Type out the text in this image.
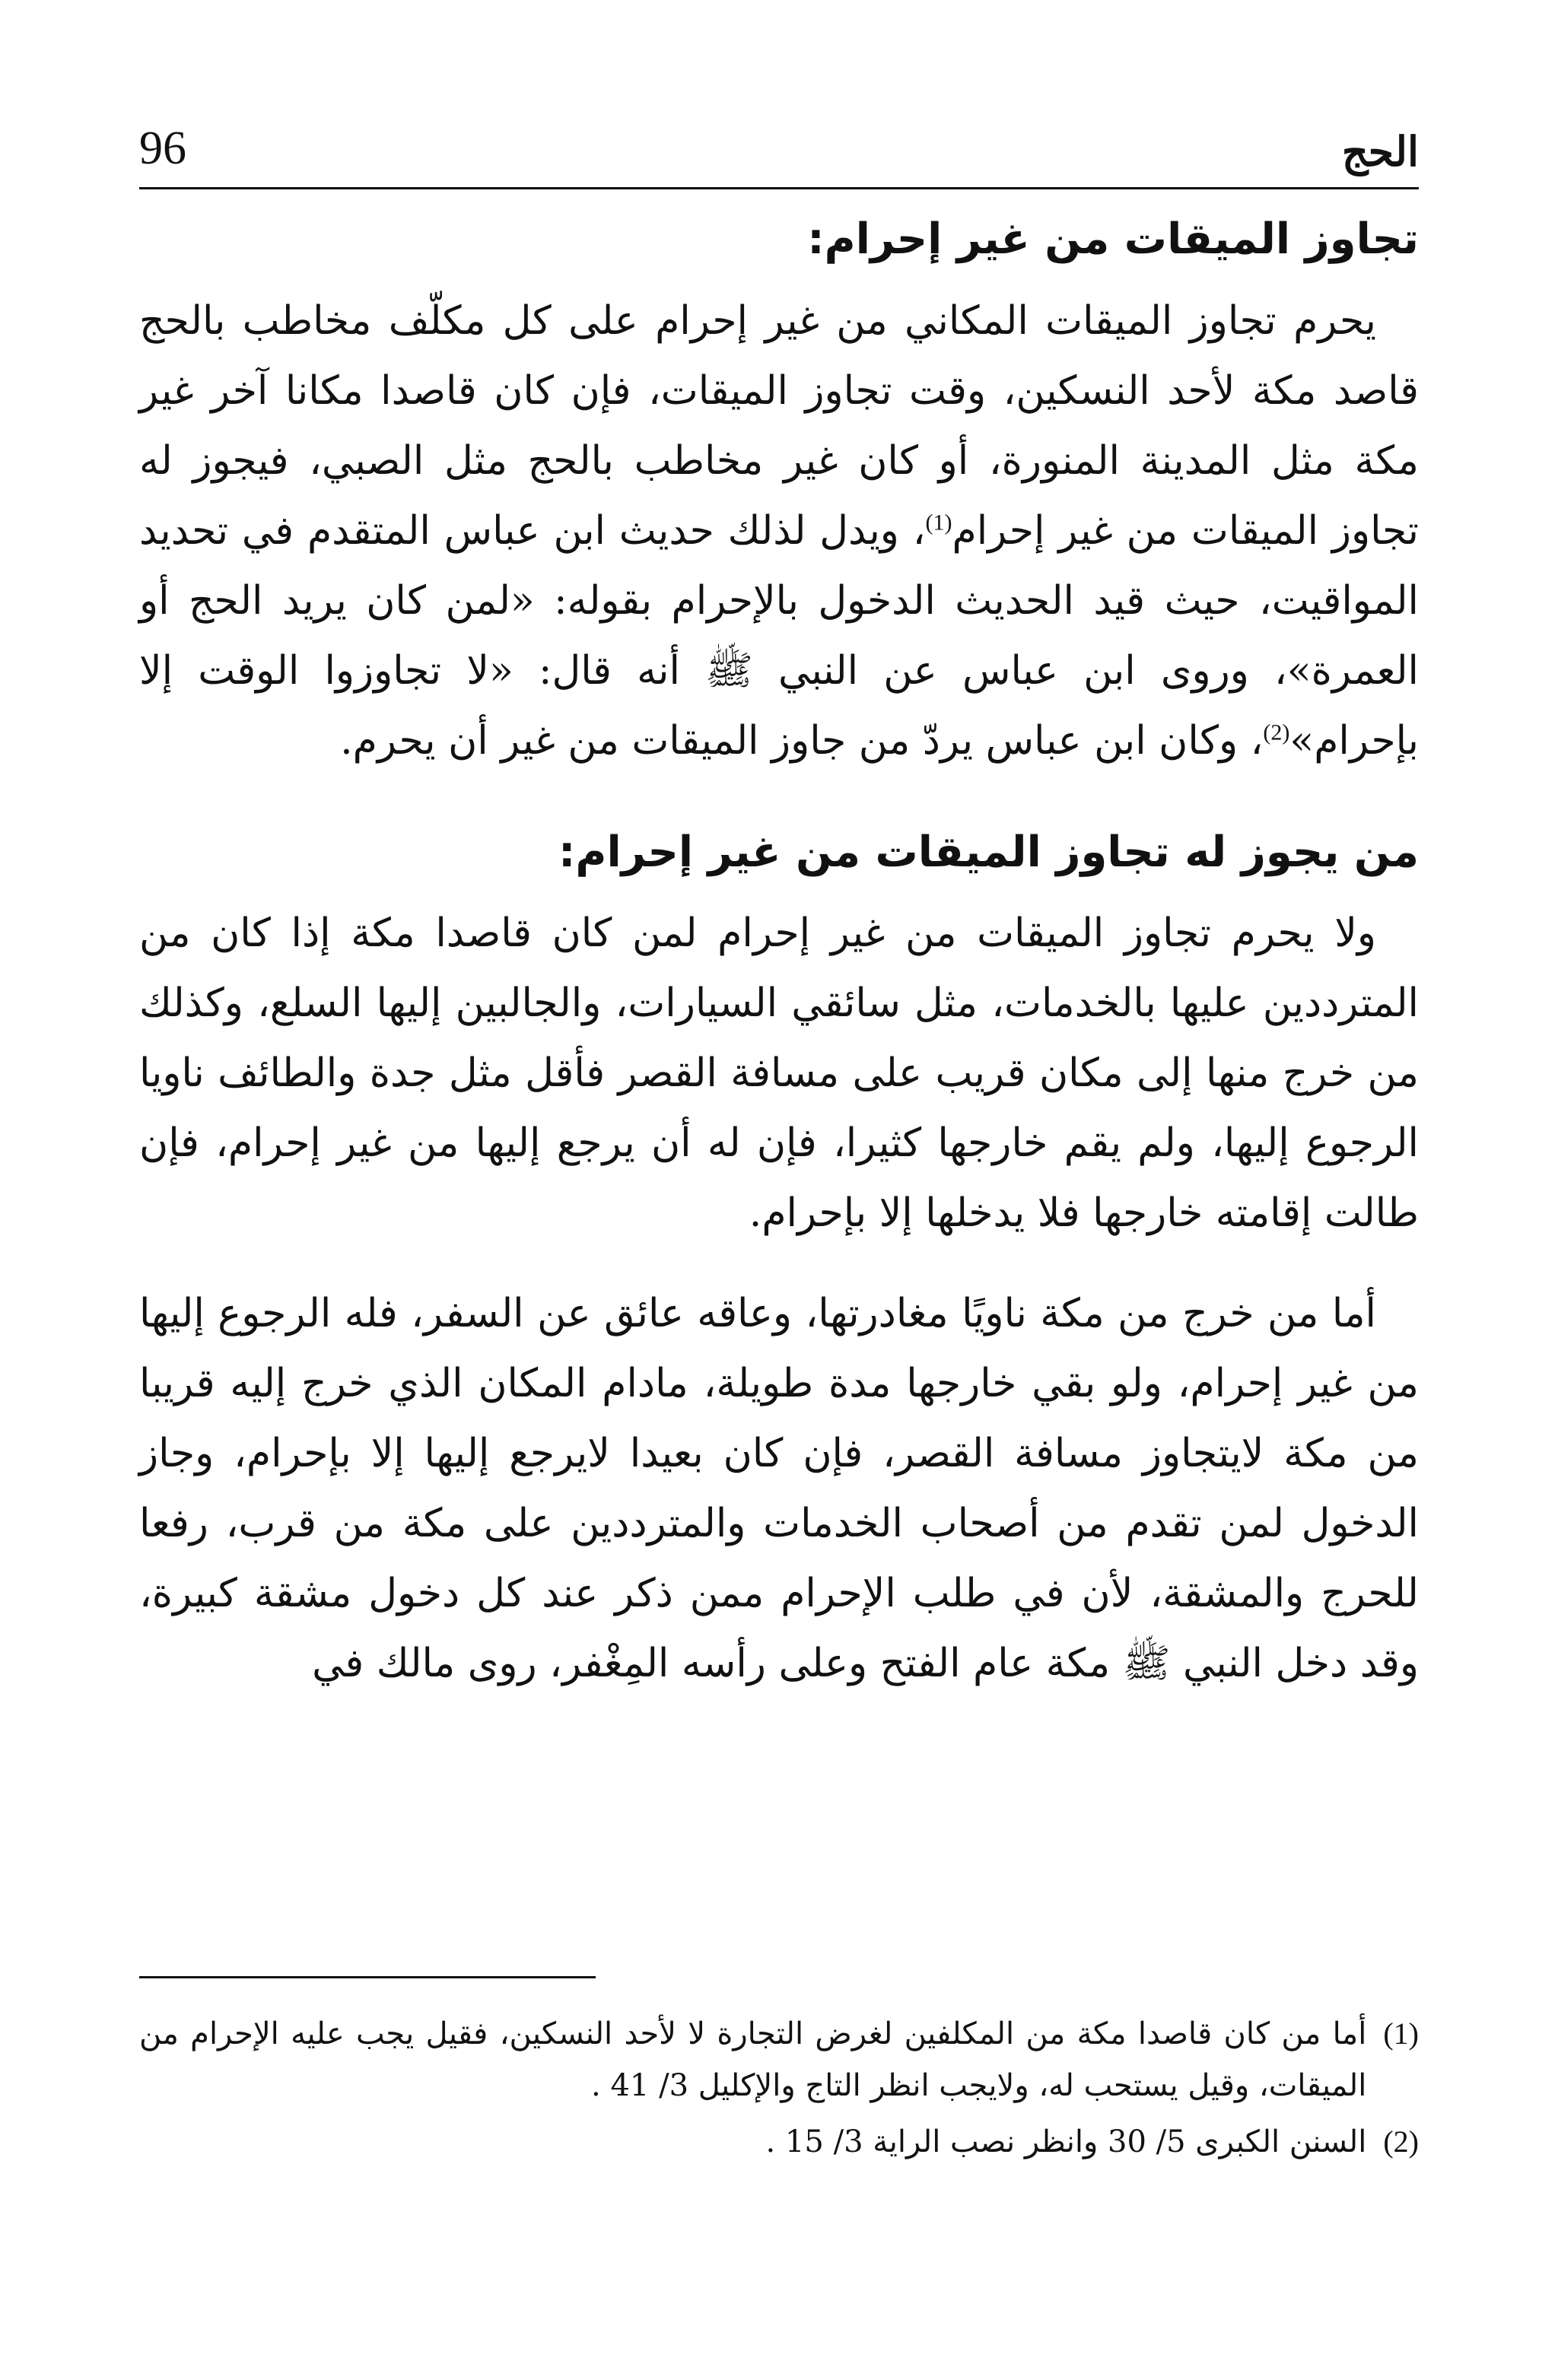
الحج
96
تجاوز الميقات من غير إحرام:

يحرم تجاوز الميقات المكاني من غير إحرام على كل مكلّف مخاطب بالحج قاصد مكة لأحد النسكين، وقت تجاوز الميقات، فإن كان قاصدا مكانا آخر غير مكة مثل المدينة المنورة، أو كان غير مخاطب بالحج مثل الصبي، فيجوز له تجاوز الميقات من غير إحرام$^{(1)}$، ويدل لذلك حديث ابن عباس المتقدم في تحديد المواقيت، حيث قيد الحديث الدخول بالإحرام بقوله: «لمن كان يريد الحج أو العمرة»، وروى ابن عباس عن النبي ﷺ أنه قال: «لا تجاوزوا الوقت إلا بإحرام»$^{(2)}$، وكان ابن عباس يردّ من جاوز الميقات من غير أن يحرم.

من يجوز له تجاوز الميقات من غير إحرام:

ولا يحرم تجاوز الميقات من غير إحرام لمن كان قاصدا مكة إذا كان من المترددين عليها بالخدمات، مثل سائقي السيارات، والجالبين إليها السلع، وكذلك من خرج منها إلى مكان قريب على مسافة القصر فأقل مثل جدة والطائف ناويا الرجوع إليها، ولم يقم خارجها كثيرا، فإن له أن يرجع إليها من غير إحرام، فإن طالت إقامته خارجها فلا يدخلها إلا بإحرام.

أما من خرج من مكة ناويًا مغادرتها، وعاقه عائق عن السفر، فله الرجوع إليها من غير إحرام، ولو بقي خارجها مدة طويلة، مادام المكان الذي خرج إليه قريبا من مكة لايتجاوز مسافة القصر، فإن كان بعيدا لايرجع إليها إلا بإحرام، وجاز الدخول لمن تقدم من أصحاب الخدمات والمترددين على مكة من قرب، رفعا للحرج والمشقة، لأن في طلب الإحرام ممن ذكر عند كل دخول مشقة كبيرة، وقد دخل النبي ﷺ مكة عام الفتح وعلى رأسه المِغْفر، روى مالك في

(1)
أما من كان قاصدا مكة من المكلفين لغرض التجارة لا لأحد النسكين، فقيل يجب عليه الإحرام من الميقات، وقيل يستحب له، ولايجب انظر التاج والإكليل 3/ 41 .
(2)
السنن الكبرى 5/ 30 وانظر نصب الراية 3/ 15 .
